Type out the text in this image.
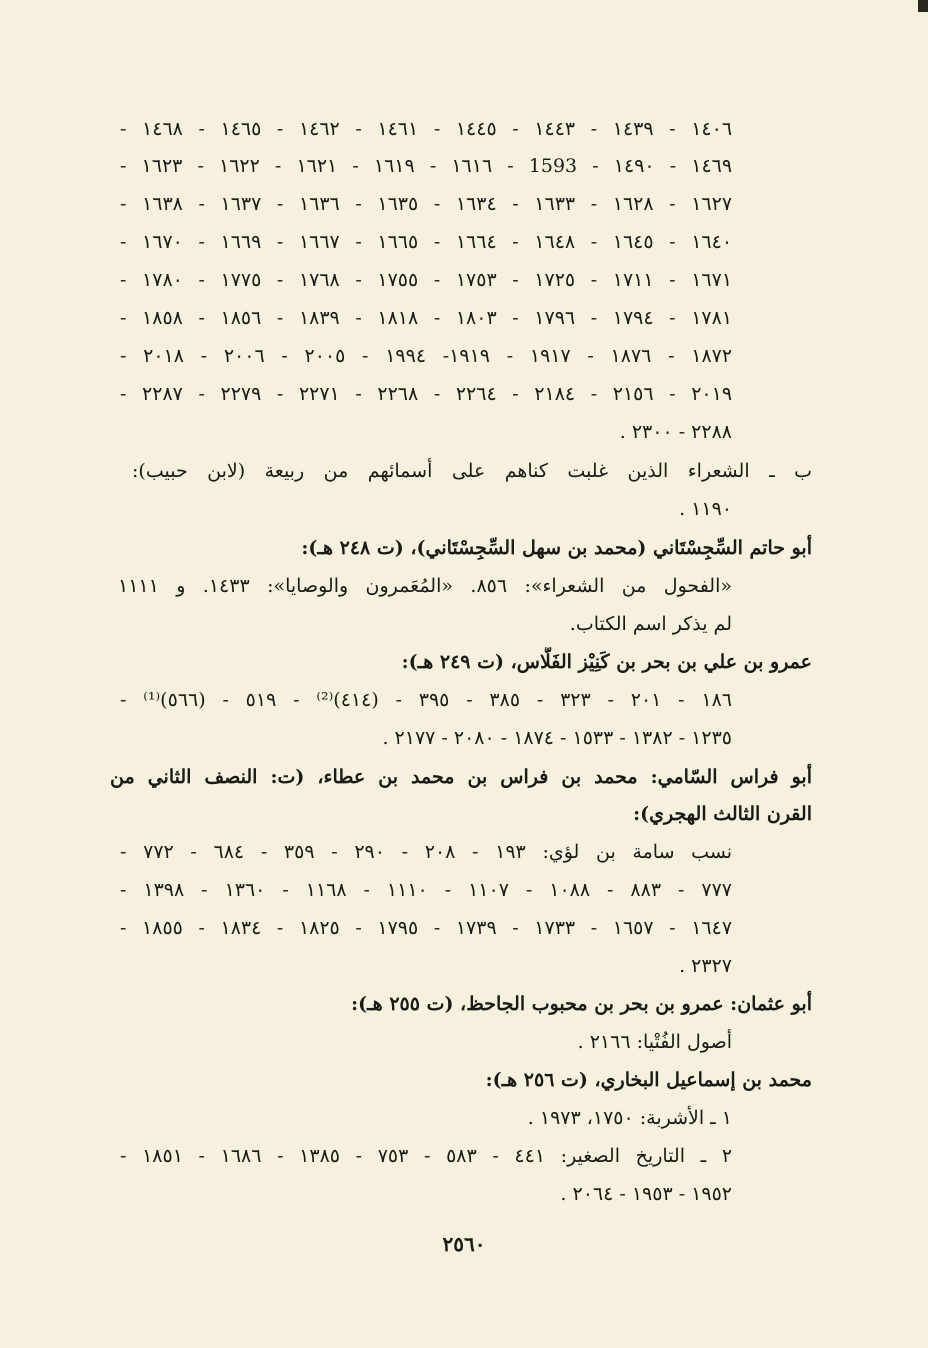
١٤٠٦ - ١٤٣٩ - ١٤٤٣ - ١٤٤٥ - ١٤٦١ - ١٤٦٢ - ١٤٦٥ - ١٤٦٨ -
١٤٦٩ - ١٤٩٠ - 1593 - ١٦١٦ - ١٦١٩ - ١٦٢١ - ١٦٢٢ - ١٦٢٣ -
١٦٢٧ - ١٦٢٨ - ١٦٣٣ - ١٦٣٤ - ١٦٣٥ - ١٦٣٦ - ١٦٣٧ - ١٦٣٨ -
١٦٤٠ - ١٦٤٥ - ١٦٤٨ - ١٦٦٤ - ١٦٦٥ - ١٦٦٧ - ١٦٦٩ - ١٦٧٠ -
١٦٧١ - ١٧١١ - ١٧٢٥ - ١٧٥٣ - ١٧٥٥ - ١٧٦٨ - ١٧٧٥ - ١٧٨٠ -
١٧٨١ - ١٧٩٤ - ١٧٩٦ - ١٨٠٣ - ١٨١٨ - ١٨٣٩ - ١٨٥٦ - ١٨٥٨ -
١٨٧٢ - ١٨٧٦ - ١٩١٧ - ١٩١٩- ١٩٩٤ - ٢٠٠٥ - ٢٠٠٦ - ٢٠١٨ -
٢٠١٩ - ٢١٥٦ - ٢١٨٤ - ٢٢٦٤ - ٢٢٦٨ - ٢٢٧١ - ٢٢٧٩ - ٢٢٨٧ -
٢٢٨٨ - ٢٣٠٠ .
ب ـ الشعراء الذين غلبت كناهم على أسمائهم من ربيعة (لابن حبيب):
١١٩٠ .
أبو حاتم السِّجِسْتَاني (محمد بن سهل السِّجِسْتَاني)، (ت ٢٤٨ هـ):
«الفحول من الشعراء»: ٨٥٦. «المُعَمرون والوصايا»: ١٤٣٣. و ١١١١
لم يذكر اسم الكتاب.
عمرو بن علي بن بحر بن كَنِيْز الفَلَّاس، (ت ٢٤٩ هـ):
١٨٦ - ٢٠١ - ٣٢٣ - ٣٨٥ - ٣٩٥ - (٤١٤)⁽²⁾ - ٥١٩ - (٥٦٦)⁽¹⁾ -
١٢٣٥ - ١٣٨٢ - ١٥٣٣ - ١٨٧٤ - ٢٠٨٠ - ٢١٧٧ .
أبو فراس السّامي: محمد بن فراس بن محمد بن عطاء، (ت: النصف الثاني من
القرن الثالث الهجري):
نسب سامة بن لؤي: ١٩٣ - ٢٠٨ - ٢٩٠ - ٣٥٩ - ٦٨٤ - ٧٧٢ -
٧٧٧ - ٨٨٣ - ١٠٨٨ - ١١٠٧ - ١١١٠ - ١١٦٨ - ١٣٦٠ - ١٣٩٨ -
١٦٤٧ - ١٦٥٧ - ١٧٣٣ - ١٧٣٩ - ١٧٩٥ - ١٨٢٥ - ١٨٣٤ - ١٨٥٥ -
٢٣٢٧ .
أبو عثمان: عمرو بن بحر بن محبوب الجاحظ، (ت ٢٥٥ هـ):
أصول الفُتْيا: ٢١٦٦ .
محمد بن إسماعيل البخاري، (ت ٢٥٦ هـ):
١ ـ الأشربة: ١٧٥٠، ١٩٧٣ .
٢ ـ التاريخ الصغير: ٤٤١ - ٥٨٣ - ٧٥٣ - ١٣٨٥ - ١٦٨٦ - ١٨٥١ -
١٩٥٢ - ١٩٥٣ - ٢٠٦٤ .
٢٥٦٠
